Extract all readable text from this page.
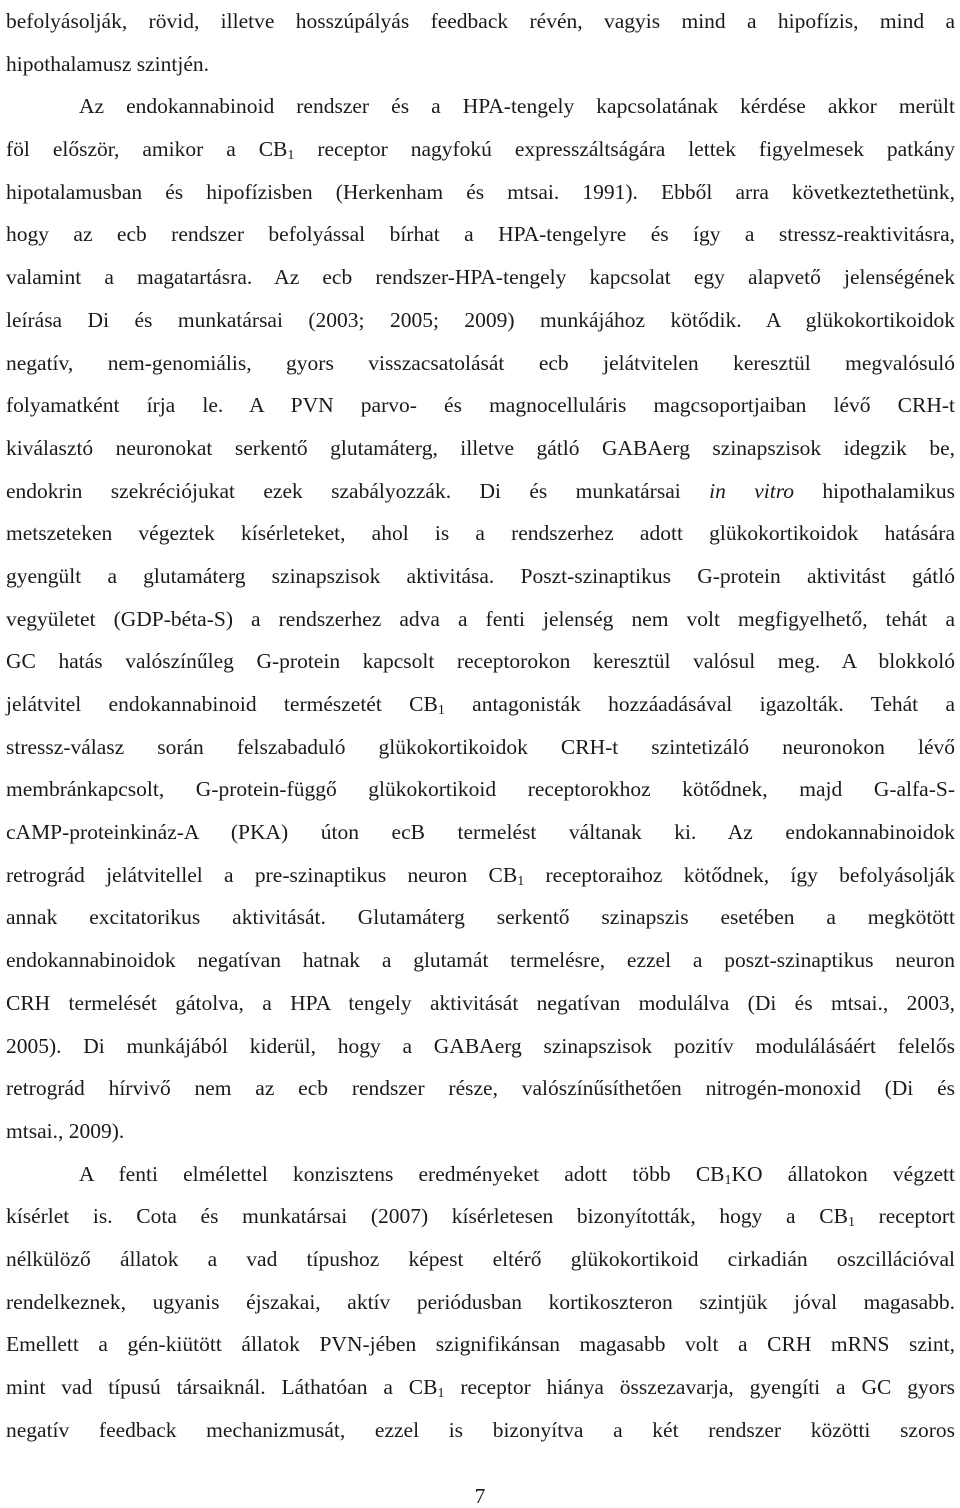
befolyásolják, rövid, illetve hosszúpályás feedback révén, vagyis mind a hipofízis, mind a
hipothalamusz szintjén.
Az endokannabinoid rendszer és a HPA-tengely kapcsolatának kérdése akkor merült
föl először, amikor a $CB_1$ receptor nagyfokú expresszáltságára lettek figyelmesek patkány
hipotalamusban és hipofízisben (Herkenham és mtsai. 1991). Ebből arra következtethetünk,
hogy az ecb rendszer befolyással bírhat a HPA-tengelyre és így a stressz-reaktivitásra,
valamint a magatartásra. Az ecb rendszer-HPA-tengely kapcsolat egy alapvető jelenségének
leírása Di és munkatársai (2003; 2005; 2009) munkájához kötődik. A glükokortikoidok
negatív, nem-genomiális, gyors visszacsatolását ecb jelátvitelen keresztül megvalósuló
folyamatként írja le. A PVN parvo- és magnocelluláris magcsoportjaiban lévő CRH-t
kiválasztó neuronokat serkentő glutamáterg, illetve gátló GABAerg szinapszisok idegzik be,
endokrin szekréciójukat ezek szabályozzák. Di és munkatársai in vitro hipothalamikus
metszeteken végeztek kísérleteket, ahol is a rendszerhez adott glükokortikoidok hatására
gyengült a glutamáterg szinapszisok aktivitása. Poszt-szinaptikus G-protein aktivitást gátló
vegyületet (GDP-béta-S) a rendszerhez adva a fenti jelenség nem volt megfigyelhető, tehát a
GC hatás valószínűleg G-protein kapcsolt receptorokon keresztül valósul meg. A blokkoló
jelátvitel endokannabinoid természetét $CB_1$ antagonisták hozzáadásával igazolták. Tehát a
stressz-válasz során felszabaduló glükokortikoidok CRH-t szintetizáló neuronokon lévő
membránkapcsolt, G-protein-függő glükokortikoid receptorokhoz kötődnek, majd G-alfa-S-
cAMP-proteinkináz-A (PKA) úton ecB termelést váltanak ki. Az endokannabinoidok
retrográd jelátvitellel a pre-szinaptikus neuron $CB_1$ receptoraihoz kötődnek, így befolyásolják
annak excitatorikus aktivitását. Glutamáterg serkentő szinapszis esetében a megkötött
endokannabinoidok negatívan hatnak a glutamát termelésre, ezzel a poszt-szinaptikus neuron
CRH termelését gátolva, a HPA tengely aktivitását negatívan modulálva (Di és mtsai., 2003,
2005). Di munkájából kiderül, hogy a GABAerg szinapszisok pozitív modulálásáért felelős
retrográd hírvivő nem az ecb rendszer része, valószínűsíthetően nitrogén-monoxid (Di és
mtsai., 2009).
A fenti elmélettel konzisztens eredményeket adott több $CB_1KO$ állatokon végzett
kísérlet is. Cota és munkatársai (2007) kísérletesen bizonyították, hogy a $CB_1$ receptort
nélkülöző állatok a vad típushoz képest eltérő glükokortikoid cirkadián oszcillációval
rendelkeznek, ugyanis éjszakai, aktív periódusban kortikoszteron szintjük jóval magasabb.
Emellett a gén-kiütött állatok PVN-jében szignifikánsan magasabb volt a CRH mRNS szint,
mint vad típusú társaiknál. Láthatóan a $CB_1$ receptor hiánya összezavarja, gyengíti a GC gyors
negatív feedback mechanizmusát, ezzel is bizonyítva a két rendszer közötti szoros
7
